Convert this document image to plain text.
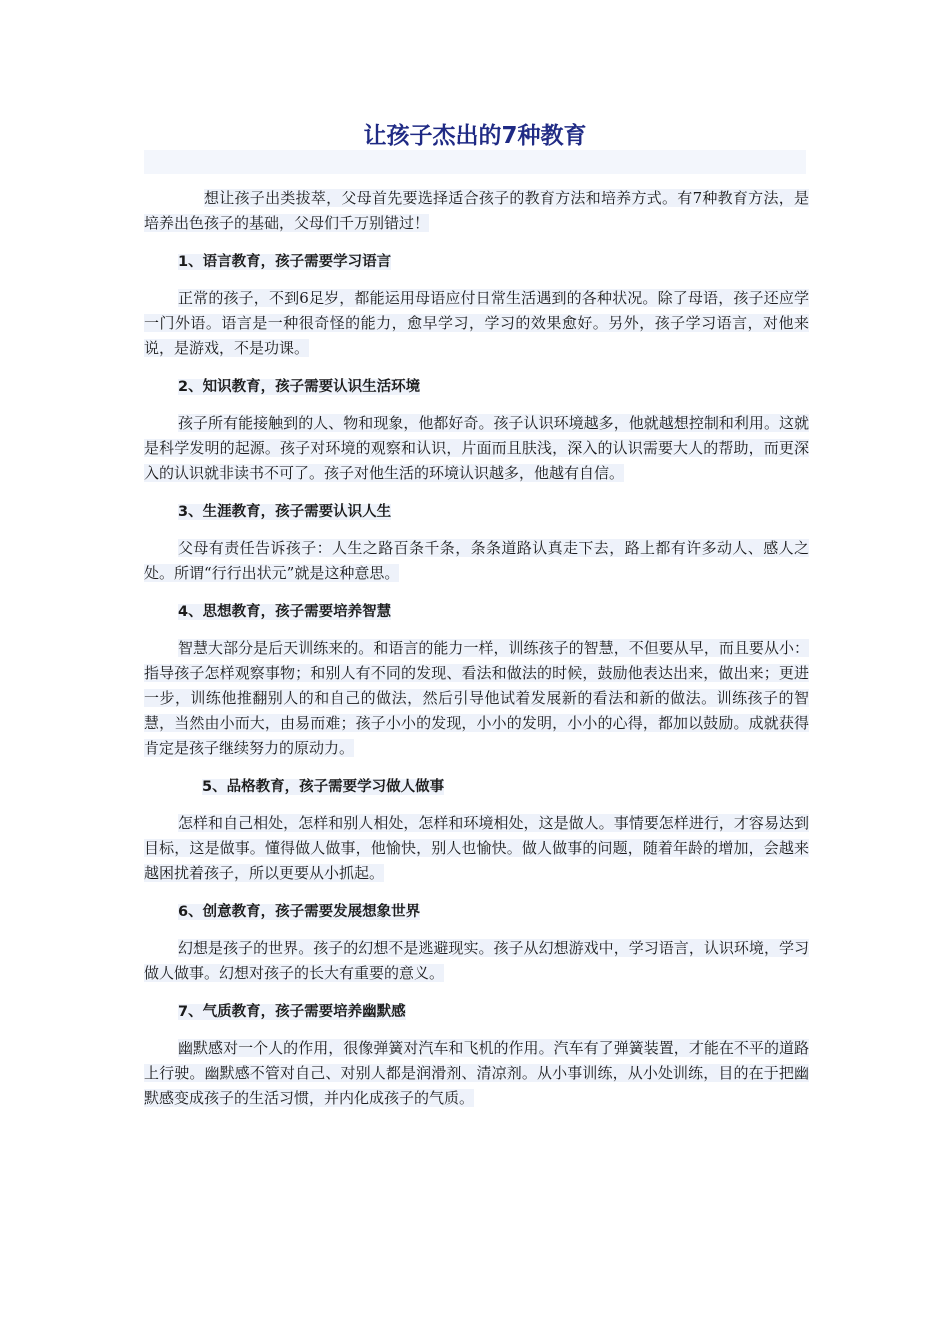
让孩子杰出的7种教育

想让孩子出类拔萃，父母首先要选择适合孩子的教育方法和培养方式。有7种教育方法，是培养出色孩子的基础，父母们千万别错过！

1、语言教育，孩子需要学习语言

正常的孩子，不到6足岁，都能运用母语应付日常生活遇到的各种状况。除了母语，孩子还应学一门外语。语言是一种很奇怪的能力，愈早学习，学习的效果愈好。另外，孩子学习语言，对他来说，是游戏，不是功课。

2、知识教育，孩子需要认识生活环境

孩子所有能接触到的人、物和现象，他都好奇。孩子认识环境越多，他就越想控制和利用。这就是科学发明的起源。孩子对环境的观察和认识，片面而且肤浅，深入的认识需要大人的帮助，而更深入的认识就非读书不可了。孩子对他生活的环境认识越多，他越有自信。

3、生涯教育，孩子需要认识人生

父母有责任告诉孩子：人生之路百条千条，条条道路认真走下去，路上都有许多动人、感人之处。所谓“行行出状元”就是这种意思。

4、思想教育，孩子需要培养智慧

智慧大部分是后天训练来的。和语言的能力一样，训练孩子的智慧，不但要从早，而且要从小：指导孩子怎样观察事物；和别人有不同的发现、看法和做法的时候，鼓励他表达出来，做出来；更进一步，训练他推翻别人的和自己的做法，然后引导他试着发展新的看法和新的做法。训练孩子的智慧，当然由小而大，由易而难；孩子小小的发现，小小的发明，小小的心得，都加以鼓励。成就获得肯定是孩子继续努力的原动力。

5、品格教育，孩子需要学习做人做事

怎样和自己相处，怎样和别人相处，怎样和环境相处，这是做人。事情要怎样进行，才容易达到目标，这是做事。懂得做人做事，他愉快，别人也愉快。做人做事的问题，随着年龄的增加，会越来越困扰着孩子，所以更要从小抓起。

6、创意教育，孩子需要发展想象世界

幻想是孩子的世界。孩子的幻想不是逃避现实。孩子从幻想游戏中，学习语言，认识环境，学习做人做事。幻想对孩子的长大有重要的意义。

7、气质教育，孩子需要培养幽默感

幽默感对一个人的作用，很像弹簧对汽车和飞机的作用。汽车有了弹簧装置，才能在不平的道路上行驶。幽默感不管对自己、对别人都是润滑剂、清凉剂。从小事训练，从小处训练，目的在于把幽默感变成孩子的生活习惯，并内化成孩子的气质。
